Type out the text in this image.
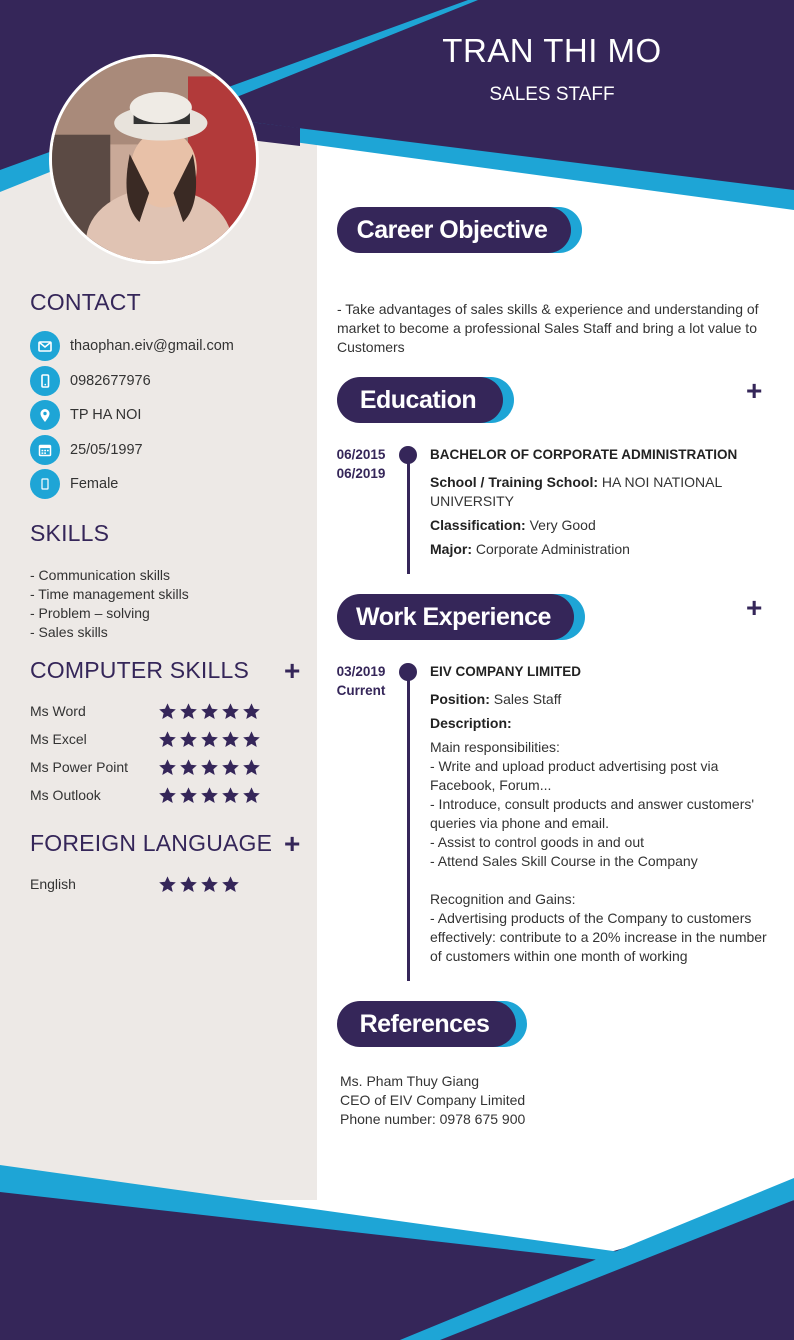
TRAN THI MO
SALES STAFF
CONTACT
thaophan.eiv@gmail.com
0982677976
TP HA NOI
25/05/1997
Female
SKILLS
- Communication skills
- Time management skills
- Problem – solving
- Sales skills
COMPUTER SKILLS +
Ms Word
Ms Excel
Ms Power Point
Ms Outlook
FOREIGN LANGUAGE +
English
Career Objective
- Take advantages of sales skills & experience and understanding of market to become a professional Sales Staff and bring a lot value to Customers
Education	+
06/2015
06/2019
BACHELOR OF CORPORATE ADMINISTRATION
School / Training School: HA NOI NATIONAL UNIVERSITY
Classification: Very Good
Major: Corporate Administration
Work Experience	+
03/2019
Current
EIV COMPANY LIMITED
Position: Sales Staff
Description:
Main responsibilities:
- Write and upload product advertising post via Facebook, Forum...
- Introduce, consult products and answer customers' queries via phone and email.
- Assist to control goods in and out
- Attend Sales Skill Course in the Company

Recognition and Gains:
- Advertising products of the Company to customers effectively: contribute to a 20% increase in the number of customers within one month of working
References
Ms. Pham Thuy Giang
CEO of EIV Company Limited
Phone number: 0978 675 900
